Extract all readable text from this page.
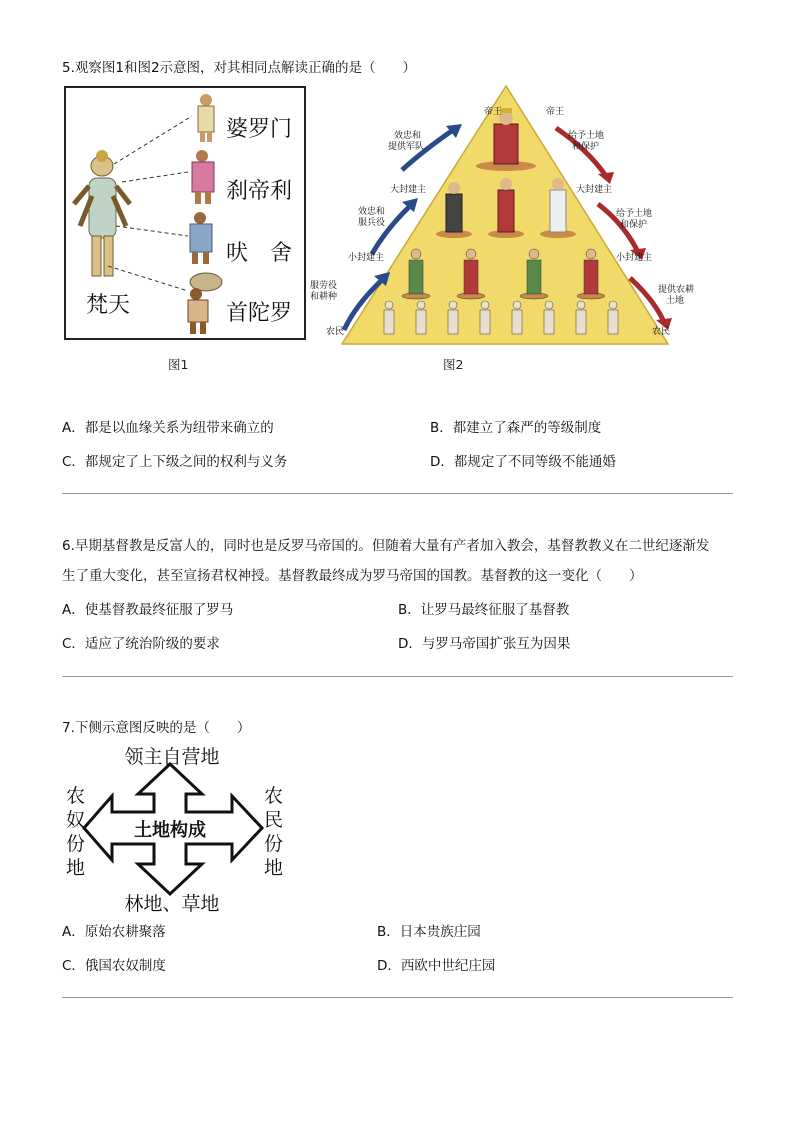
5.观察图1和图2示意图，对其相同点解读正确的是（　　）
婆罗门
刹帝利
吠　舍
首陀罗
梵天
图1
帝王	帝王
效忠和提供军队
大封建主
效忠和服兵役
小封建主
服劳役和耕种
农民
给予土地和保护
大封建主
给予土地和保护
小封建主
提供农耕土地
农民
图2
A．都是以血缘关系为纽带来确立的	B．都建立了森严的等级制度
C．都规定了上下级之间的权利与义务	D．都规定了不同等级不能通婚
6.早期基督教是反富人的，同时也是反罗马帝国的。但随着大量有产者加入教会，基督教教义在二世纪逐渐发
生了重大变化，甚至宣扬君权神授。基督教最终成为罗马帝国的国教。基督教的这一变化（　　）
A．使基督教最终征服了罗马	B．让罗马最终征服了基督教
C．适应了统治阶级的要求	D．与罗马帝国扩张互为因果
7.下侧示意图反映的是（　　）
土地构成
领主自营地
林地、草地
农
奴
份
地
农
民
份
地
A．原始农耕聚落	B．日本贵族庄园
C．俄国农奴制度	D．西欧中世纪庄园
